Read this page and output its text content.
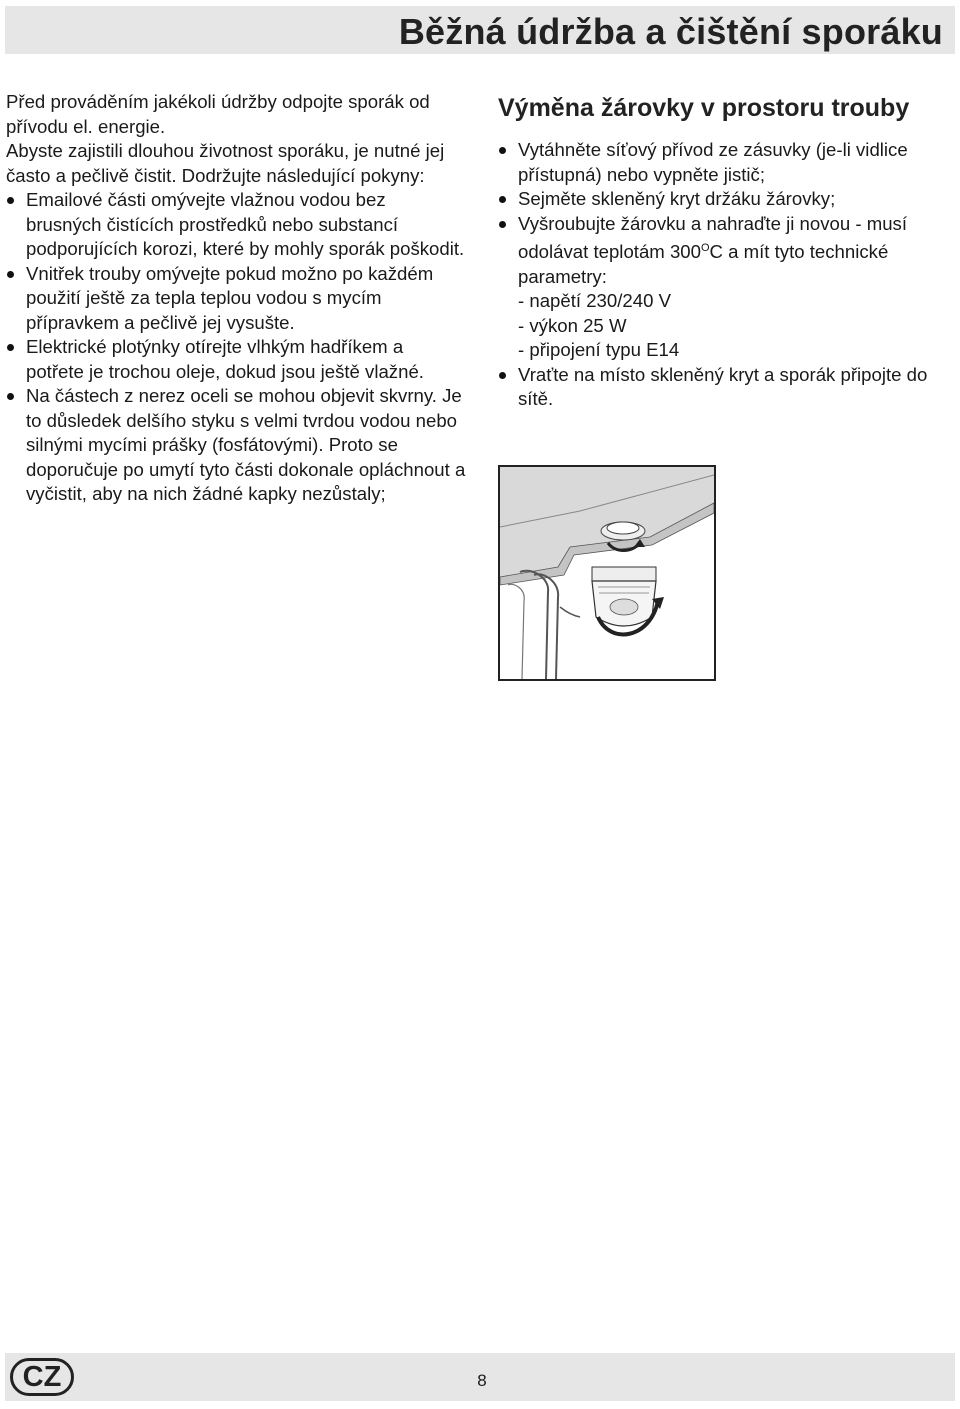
Běžná údržba a čištění sporáku

Před prováděním jakékoli údržby odpojte sporák od přívodu el. energie.

Abyste zajistili dlouhou životnost sporáku, je nutné jej často a pečlivě čistit. Dodržujte následující pokyny:

Emailové části omývejte vlažnou vodou bez brusných čistících prostředků nebo substancí podporujících korozi, které by mohly sporák poškodit.
Vnitřek trouby omývejte pokud možno po každém použití ještě za tepla teplou vodou s mycím přípravkem a pečlivě jej vysušte.
Elektrické plotýnky otírejte vlhkým hadříkem a potřete je trochou oleje, dokud jsou ještě vlažné.
Na částech z nerez oceli se mohou objevit skvrny. Je to důsledek delšího styku s velmi tvrdou vodou nebo silnými mycími prášky (fosfátovými). Proto se doporučuje po umytí tyto části dokonale opláchnout a vyčistit, aby na nich žádné kapky nezůstaly;
Výměna žárovky v prostoru trouby
Vytáhněte síťový přívod ze zásuvky (je-li vidlice přístupná) nebo vypněte jistič;
Sejměte skleněný kryt držáku žárovky;
Vyšroubujte žárovku a nahraďte ji novou - musí odolávat teplotám $300^OC$ a mít tyto technické parametry:
- napětí 230/240 V
- výkon 25 W
- připojení typu E14
Vraťte na místo skleněný kryt a sporák připojte do sítě.
CZ	8
